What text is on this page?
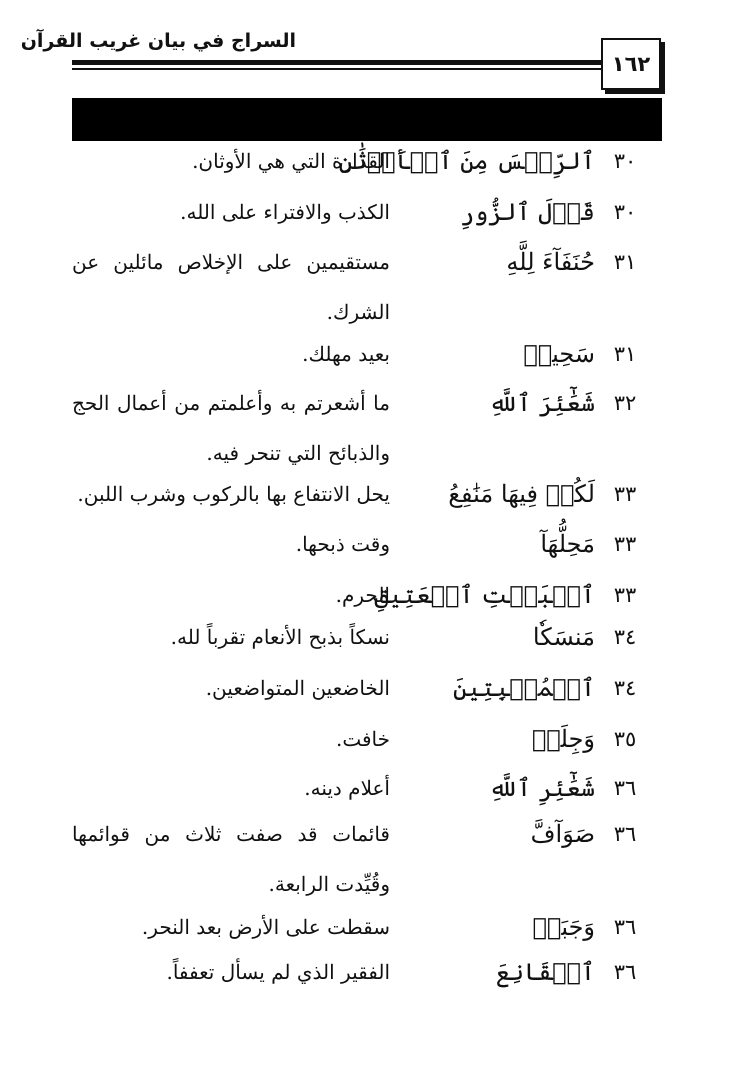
السراج في بيان غريب القرآن
١٦٢
٣٠
ٱلرِّجۡسَ مِنَ ٱلۡأَوۡثَٰنِ
القذارة التي هي الأوثان.
٣٠
قَوۡلَ ٱلزُّورِ
الكذب والافتراء على الله.
٣١
حُنَفَآءَ لِلَّهِ
مستقيمين على الإخلاص مائلين عن الشرك.
٣١
سَحِيقٖ
بعيد مهلك.
٣٢
شَعَٰٓئِرَ ٱللَّهِ
ما أشعرتم به وأعلمتم من أعمال الحج والذبائح التي تنحر فيه.
٣٣
لَكُمۡ فِيهَا مَنَٰفِعُ
يحل الانتفاع بها بالركوب وشرب اللبن.
٣٣
مَحِلُّهَآ
وقت ذبحها.
٣٣
ٱلۡبَيۡتِ ٱلۡعَتِيقِ
الحرم.
٣٤
مَنسَكٗا
نسكاً بذبح الأنعام تقرباً لله.
٣٤
ٱلۡمُخۡبِتِينَ
الخاضعين المتواضعين.
٣٥
وَجِلَتۡ
خافت.
٣٦
شَعَٰٓئِرِ ٱللَّهِ
أعلام دينه.
٣٦
صَوَآفَّ
قائمات قد صفت ثلاث من قوائمها وقُيِّدت الرابعة.
٣٦
وَجَبَتۡ
سقطت على الأرض بعد النحر.
٣٦
ٱلۡقَانِعَ
الفقير الذي لم يسأل تعففاً.
